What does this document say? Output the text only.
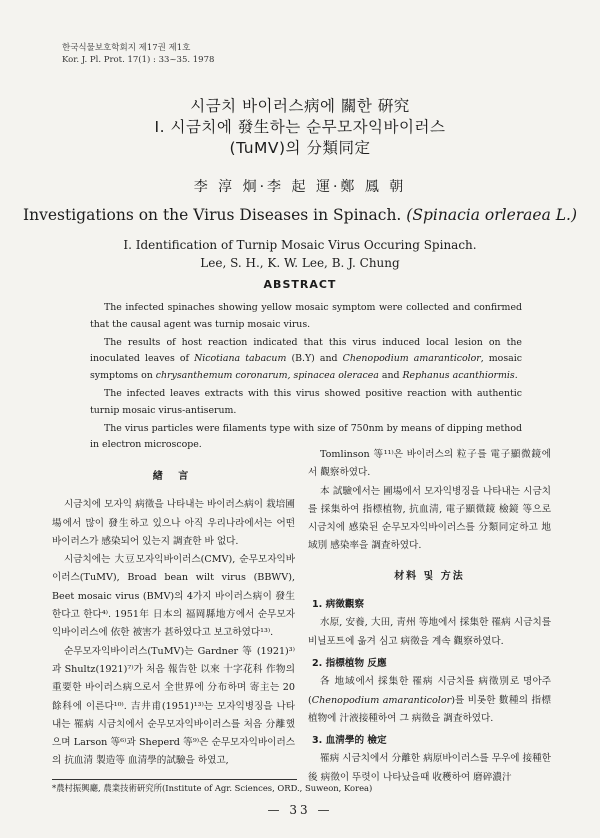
한국식물보호학회지 제17권 제1호
Kor. J. Pl. Prot. 17(1) : 33~35. 1978
시금치 바이러스病에 關한 硏究
I. 시금치에 發生하는 순무모자익바이러스
(TuMV)의 分類同定
李 淳 炯·李 起 運·鄭 鳳 朝
Investigations on the Virus Diseases in Spinach. (Spinacia orleraea L.)
I. Identification of Turnip Mosaic Virus Occuring Spinach.
Lee, S. H., K. W. Lee, B. J. Chung
ABSTRACT

The infected spinaches showing yellow mosaic symptom were collected and confirmed that the causal agent was turnip mosaic virus.

The results of host reaction indicated that this virus induced local lesion on the inoculated leaves of Nicotiana tabacum (B.Y) and Chenopodium amaranticolor, mosaic symptoms on chrysanthemum coronarum, spinacea oleracea and Rephanus acanthiormis.

The infected leaves extracts with this virus showed positive reaction with authentic turnip mosaic virus-antiserum.

The virus particles were filaments type with size of 750nm by means of dipping method in electron microscope.

緖 言

시금치에 모자익 病徵을 나타내는 바이러스病이 栽培圃場에서 많이 發生하고 있으나 아직 우리나라에서는 어떤 바이러스가 感染되어 있는지 調査한 바 없다.

시금치에는 大豆모자익바이러스(CMV), 순무모자익바이러스(TuMV), Broad bean wilt virus (BBWV), Beet mosaic virus (BMV)의 4가지 바이러스病이 發生한다고 한다⁴⁾. 1951年 日本의 福岡縣地方에서 순무모자익바이러스에 依한 被害가 甚하였다고 보고하였다¹³⁾.

순무모자익바이러스(TuMV)는 Gardner 等 (1921)³⁾과 Shultz(1921)⁷⁾가 처음 報告한 以來 十字花科 作物의 重要한 바이러스病으로서 全世界에 分布하며 寄主는 20餘科에 이른다¹⁰⁾. 吉井甫(1951)¹³⁾는 모자익병징을 나타내는 罹病 시금치에서 순무모자익바이러스를 처음 分離했으며 Larson 等⁶⁾과 Sheperd 等⁹⁾은 순무모자익바이러스의 抗血清 製造等 血清學的試驗을 하였고,

Tomlinson 等¹¹⁾은 바이러스의 粒子를 電子顯微鏡에서 觀察하였다.

本 試驗에서는 圃場에서 모자익병징을 나타내는 시금치를 採集하여 指標植物, 抗血淸, 電子顯微鏡 檢鏡 等으로 시금치에 感染된 순무모자익바이러스를 分類同定하고 地域別 感染率을 調査하였다.

材料 및 方法
1. 病徵觀察

水原, 安養, 大田, 靑州 等地에서 採集한 罹病 시금치를 비닐포트에 옮겨 심고 病徵을 계속 觀察하였다.

2. 指標植物 反應

各 地域에서 採集한 罹病 시금치를 病徵別로 명아주(Chenopodium amaranticolor)를 비롯한 數種의 指標植物에 汁液接種하여 그 病徵을 調査하였다.

3. 血淸學的 檢定

罹病 시금치에서 分離한 病原바이러스를 무우에 接種한後 病徵이 뚜렷이 나타났을때 收穫하여 磨碎濃汁

*農村振興廳, 農業技術硏究所(Institute of Agr. Sciences, ORD., Suweon, Korea)
— 33 —
